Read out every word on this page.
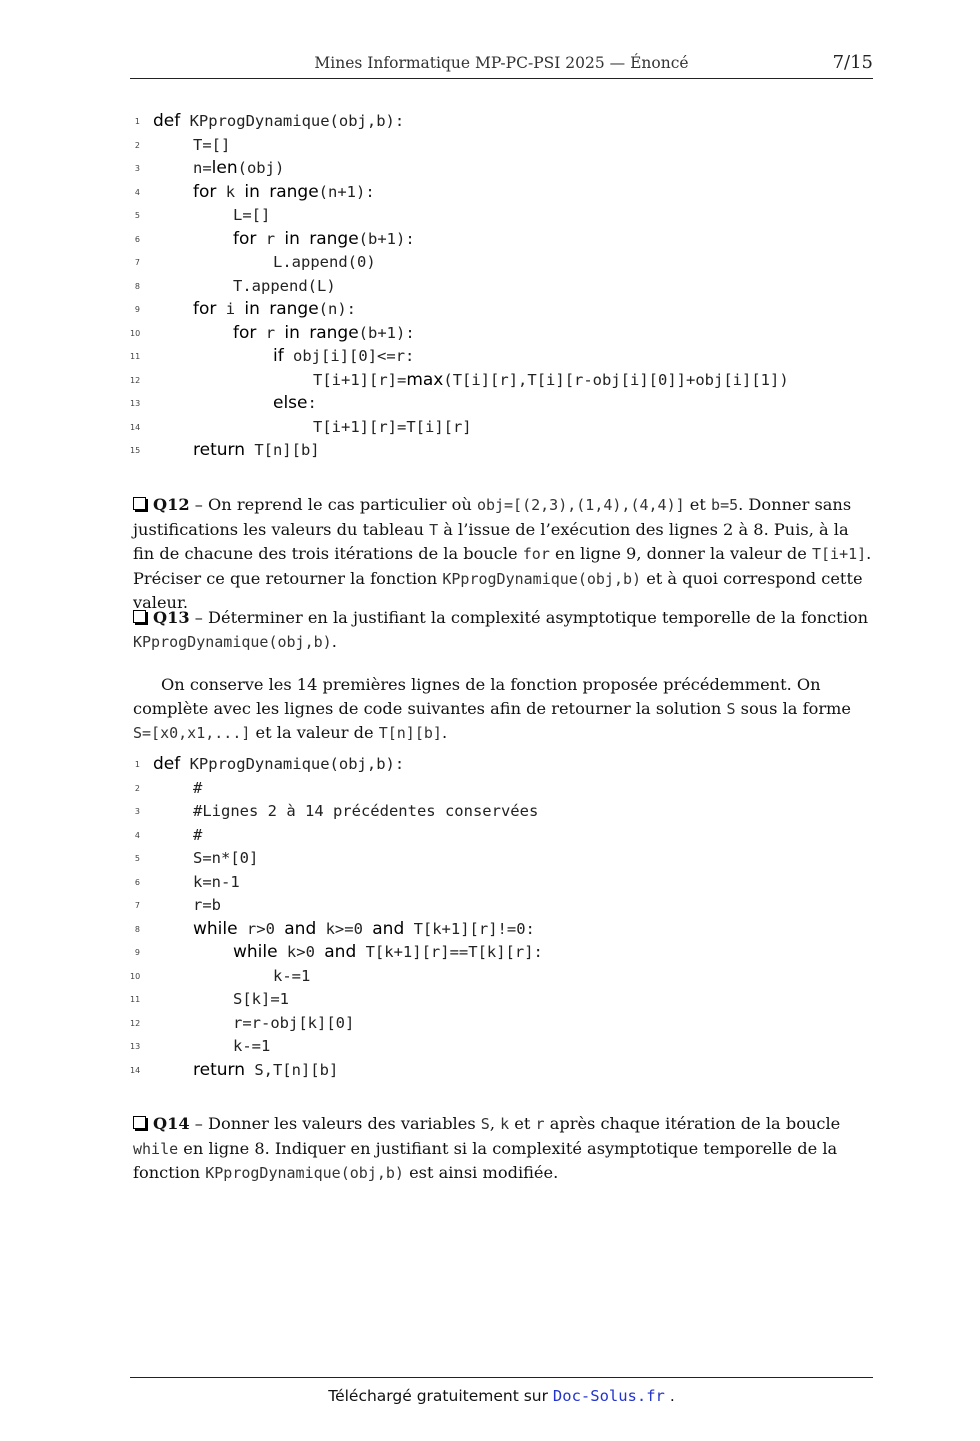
Mines Informatique MP-PC-PSI 2025 — Énoncé	7/15
1 def KPprogDynamique(obj,b):
2	T=[]
3	n=len(obj)
4	for k in range(n+1):
5	L=[]
6	for r in range(b+1):
7	L.append(0)
8	T.append(L)
9	for i in range(n):
10	for r in range(b+1):
11	if obj[i][0]<=r:
12	T[i+1][r]=max(T[i][r],T[i][r-obj[i][0]]+obj[i][1])
13	else:
14	T[i+1][r]=T[i][r]
15	return T[n][b]
Q12 – On reprend le cas particulier où obj=[(2,3),(1,4),(4,4)] et b=5. Donner sans justifications les valeurs du tableau T à l’issue de l’exécution des lignes 2 à 8. Puis, à la fin de chacune des trois itérations de la boucle for en ligne 9, donner la valeur de T[i+1]. Préciser ce que retourner la fonction KPprogDynamique(obj,b) et à quoi correspond cette valeur.
Q13 – Déterminer en la justifiant la complexité asymptotique temporelle de la fonction KPprogDynamique(obj,b).
On conserve les 14 premières lignes de la fonction proposée précédemment. On complète avec les lignes de code suivantes afin de retourner la solution S sous la forme S=[x0,x1,...] et la valeur de T[n][b].
1 def KPprogDynamique(obj,b):
2	#
3	#Lignes 2 à 14 précédentes conservées
4	#
5	S=n*[0]
6	k=n-1
7	r=b
8	while r>0 and k>=0 and T[k+1][r]!=0:
9	while k>0 and T[k+1][r]==T[k][r]:
10	k-=1
11	S[k]=1
12	r=r-obj[k][0]
13	k-=1
14	return S,T[n][b]
Q14 – Donner les valeurs des variables S, k et r après chaque itération de la boucle while en ligne 8. Indiquer en justifiant si la complexité asymptotique temporelle de la fonction KPprogDynamique(obj,b) est ainsi modifiée.
Téléchargé gratuitement sur Doc-Solus.fr .
